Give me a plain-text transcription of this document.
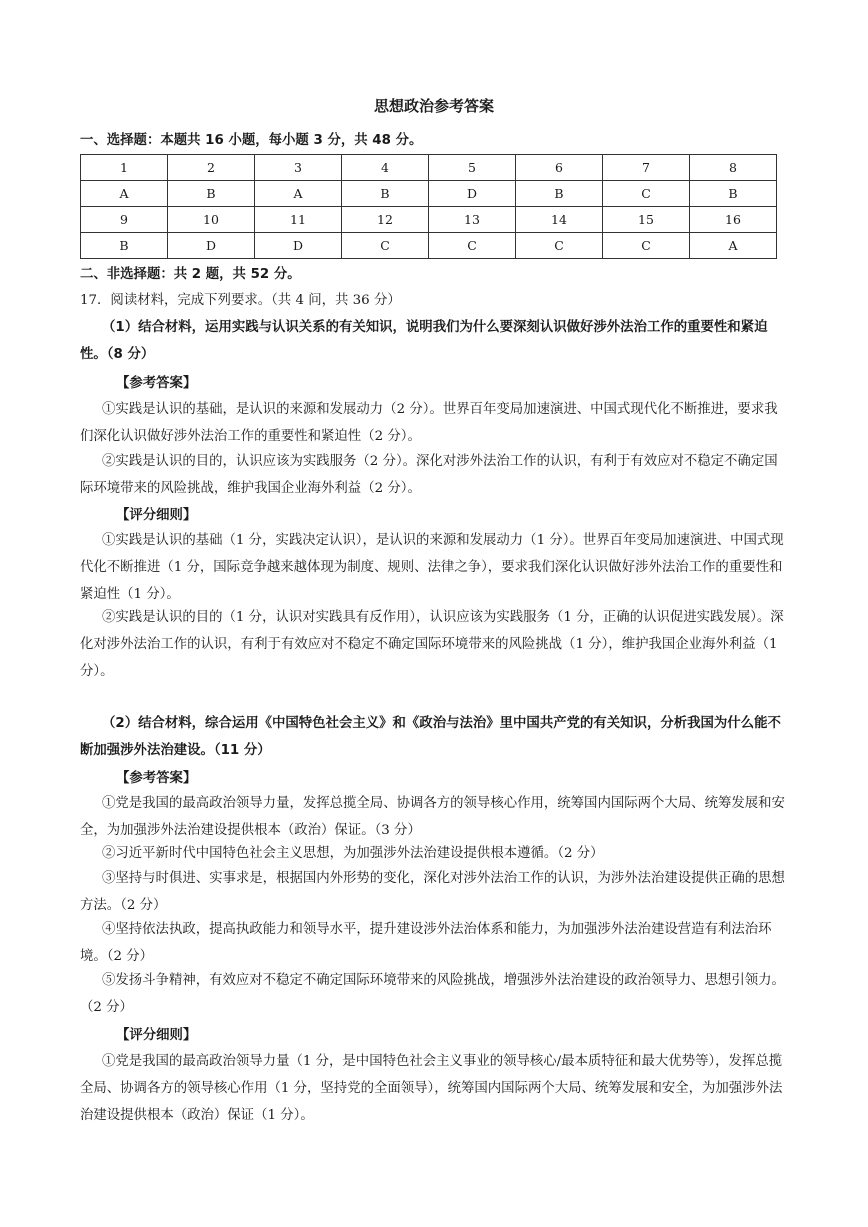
思想政治参考答案
一、选择题：本题共 16 小题，每小题 3 分，共 48 分。
1	2	3	4	5	6	7	8
A	B	A	B	D	B	C	B
9	10	11	12	13	14	15	16
B	D	D	C	C	C	C	A
二、非选择题：共 2 题，共 52 分。
17．阅读材料，完成下列要求。（共 4 问，共 36 分）
（1）结合材料，运用实践与认识关系的有关知识，说明我们为什么要深刻认识做好涉外法治工作的重要性和紧迫性。（8 分）
【参考答案】
①实践是认识的基础，是认识的来源和发展动力（2 分）。世界百年变局加速演进、中国式现代化不断推进，要求我们深化认识做好涉外法治工作的重要性和紧迫性（2 分）。
②实践是认识的目的，认识应该为实践服务（2 分）。深化对涉外法治工作的认识，有利于有效应对不稳定不确定国际环境带来的风险挑战，维护我国企业海外利益（2 分）。
【评分细则】
①实践是认识的基础（1 分，实践决定认识），是认识的来源和发展动力（1 分）。世界百年变局加速演进、中国式现代化不断推进（1 分，国际竞争越来越体现为制度、规则、法律之争），要求我们深化认识做好涉外法治工作的重要性和紧迫性（1 分）。
②实践是认识的目的（1 分，认识对实践具有反作用），认识应该为实践服务（1 分，正确的认识促进实践发展）。深化对涉外法治工作的认识，有利于有效应对不稳定不确定国际环境带来的风险挑战（1 分），维护我国企业海外利益（1 分）。
（2）结合材料，综合运用《中国特色社会主义》和《政治与法治》里中国共产党的有关知识，分析我国为什么能不断加强涉外法治建设。（11 分）
【参考答案】
①党是我国的最高政治领导力量，发挥总揽全局、协调各方的领导核心作用，统筹国内国际两个大局、统筹发展和安全，为加强涉外法治建设提供根本（政治）保证。（3 分）
②习近平新时代中国特色社会主义思想，为加强涉外法治建设提供根本遵循。（2 分）
③坚持与时俱进、实事求是，根据国内外形势的变化，深化对涉外法治工作的认识，为涉外法治建设提供正确的思想方法。（2 分）
④坚持依法执政，提高执政能力和领导水平，提升建设涉外法治体系和能力，为加强涉外法治建设营造有利法治环境。（2 分）
⑤发扬斗争精神，有效应对不稳定不确定国际环境带来的风险挑战，增强涉外法治建设的政治领导力、思想引领力。（2 分）
【评分细则】
①党是我国的最高政治领导力量（1 分，是中国特色社会主义事业的领导核心/最本质特征和最大优势等），发挥总揽全局、协调各方的领导核心作用（1 分，坚持党的全面领导），统筹国内国际两个大局、统筹发展和安全，为加强涉外法治建设提供根本（政治）保证（1 分）。
